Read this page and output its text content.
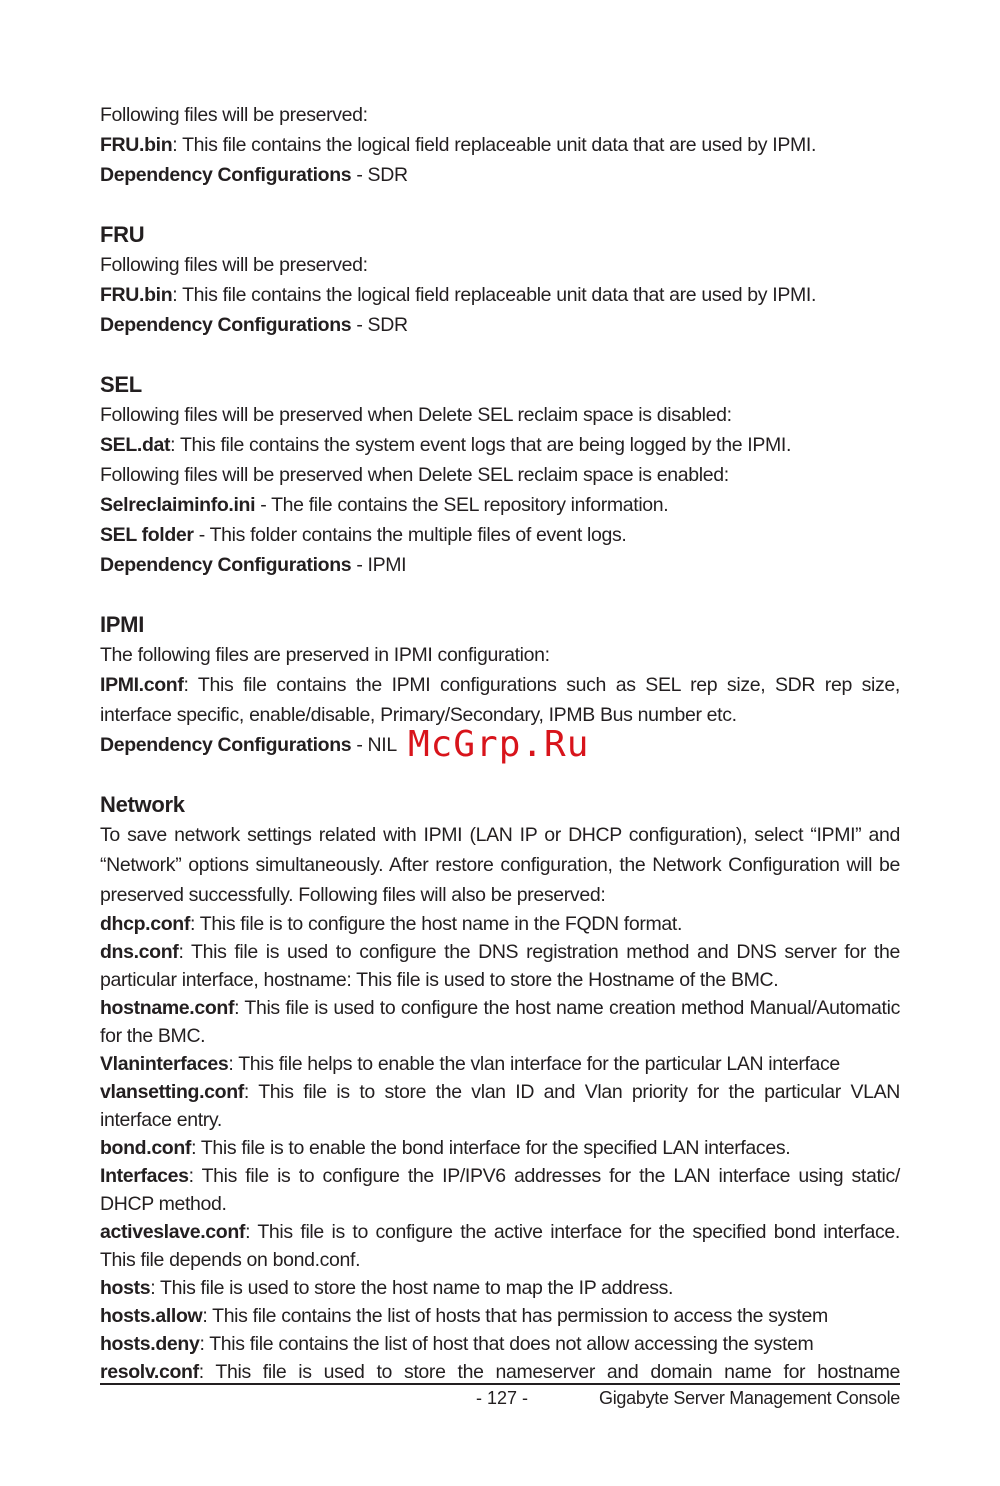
Following files will be preserved:

FRU.bin: This file contains the logical field replaceable unit data that are used by IPMI.

Dependency Configurations - SDR

FRU

Following files will be preserved:

FRU.bin: This file contains the logical field replaceable unit data that are used by IPMI.

Dependency Configurations - SDR

SEL

Following files will be preserved when Delete SEL reclaim space is disabled:

SEL.dat: This file contains the system event logs that are being logged by the IPMI.

Following files will be preserved when Delete SEL reclaim space is enabled:

Selreclaiminfo.ini - The file contains the SEL repository information.

SEL folder - This folder contains the multiple files of event logs.

Dependency Configurations - IPMI

IPMI

The following files are preserved in IPMI configuration:

IPMI.conf: This file contains the IPMI configurations such as SEL rep size, SDR rep size,

interface specific, enable/disable, Primary/Secondary, IPMB Bus number etc.

Dependency Configurations - NIL

Network

To save network settings related with IPMI (LAN IP or DHCP configuration), select “IPMI” and

“Network” options simultaneously. After restore configuration, the Network Configuration will be

preserved successfully. Following files will also be preserved:

dhcp.conf: This file is to configure the host name in the FQDN format.

dns.conf: This file is used to configure the DNS registration method and DNS server for the

particular interface, hostname: This file is used to store the Hostname of the BMC.

hostname.conf: This file is used to configure the host name creation method Manual/Automatic

for the BMC.

Vlaninterfaces: This file helps to enable the vlan interface for the particular LAN interface

vlansetting.conf: This file is to store the vlan ID and Vlan priority for the particular VLAN

interface entry.

bond.conf: This file is to enable the bond interface for the specified LAN interfaces.

Interfaces: This file is to configure the IP/IPV6 addresses for the LAN interface using static/

DHCP method.

activeslave.conf: This file is to configure the active interface for the specified bond interface.

This file depends on bond.conf.

hosts: This file is used to store the host name to map the IP address.

hosts.allow: This file contains the list of hosts that has permission to access the system

hosts.deny: This file contains the list of host that does not allow accessing the system

resolv.conf: This file is used to store the nameserver and domain name for hostname

McGrp.Ru
- 127 -	Gigabyte Server Management Console
